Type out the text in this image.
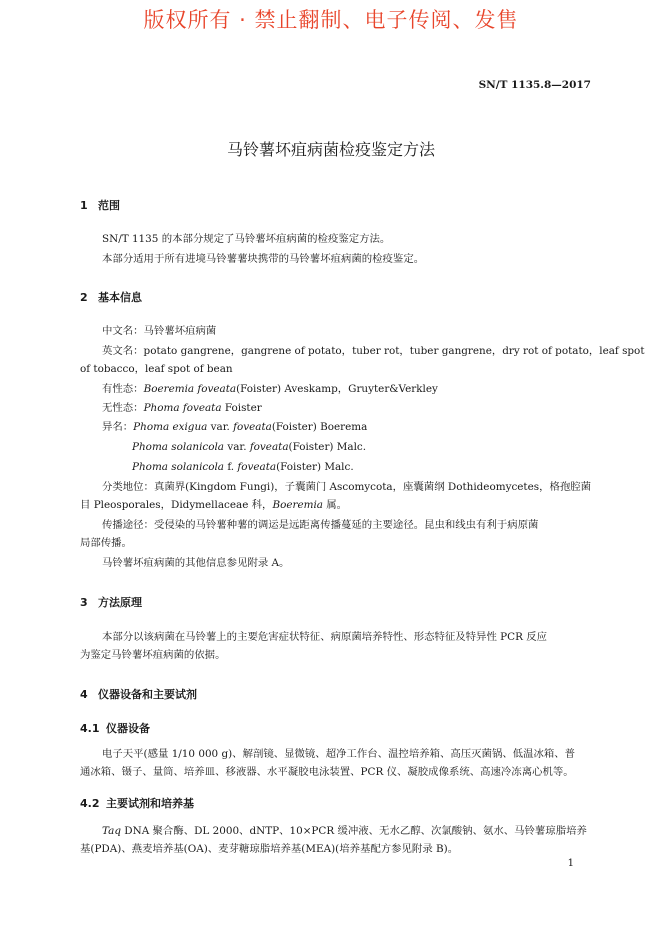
版权所有 · 禁止翻制、电子传阅、发售
SN/T 1135.8—2017
马铃薯坏疽病菌检疫鉴定方法
1 范围
SN/T 1135 的本部分规定了马铃薯坏疽病菌的检疫鉴定方法。
本部分适用于所有进境马铃薯薯块携带的马铃薯坏疽病菌的检疫鉴定。
2 基本信息
中文名：马铃薯坏疽病菌
英文名：potato gangrene，gangrene of potato，tuber rot，tuber gangrene，dry rot of potato，leaf spot
of tobacco，leaf spot of bean
有性态：Boeremia foveata(Foister) Aveskamp，Gruyter&Verkley
无性态：Phoma foveata Foister
异名：Phoma exigua var. foveata(Foister) Boerema
Phoma solanicola var. foveata(Foister) Malc.
Phoma solanicola f. foveata(Foister) Malc.
分类地位：真菌界(Kingdom Fungi)，子囊菌门 Ascomycota，座囊菌纲 Dothideomycetes，格孢腔菌
目 Pleosporales，Didymellaceae 科，Boeremia 属。
传播途径：受侵染的马铃薯种薯的调运是远距离传播蔓延的主要途径。昆虫和线虫有利于病原菌
局部传播。
马铃薯坏疽病菌的其他信息参见附录 A。
3 方法原理
本部分以该病菌在马铃薯上的主要危害症状特征、病原菌培养特性、形态特征及特异性 PCR 反应
为鉴定马铃薯坏疽病菌的依据。
4 仪器设备和主要试剂
4.1 仪器设备
电子天平(感量 1/10 000 g)、解剖镜、显微镜、超净工作台、温控培养箱、高压灭菌锅、低温冰箱、普
通冰箱、镊子、量筒、培养皿、移液器、水平凝胶电泳装置、PCR 仪、凝胶成像系统、高速冷冻离心机等。
4.2 主要试剂和培养基
Taq DNA 聚合酶、DL 2000、dNTP、10×PCR 缓冲液、无水乙醇、次氯酸钠、氨水、马铃薯琼脂培养
基(PDA)、燕麦培养基(OA)、麦芽糖琼脂培养基(MEA)(培养基配方参见附录 B)。
1
